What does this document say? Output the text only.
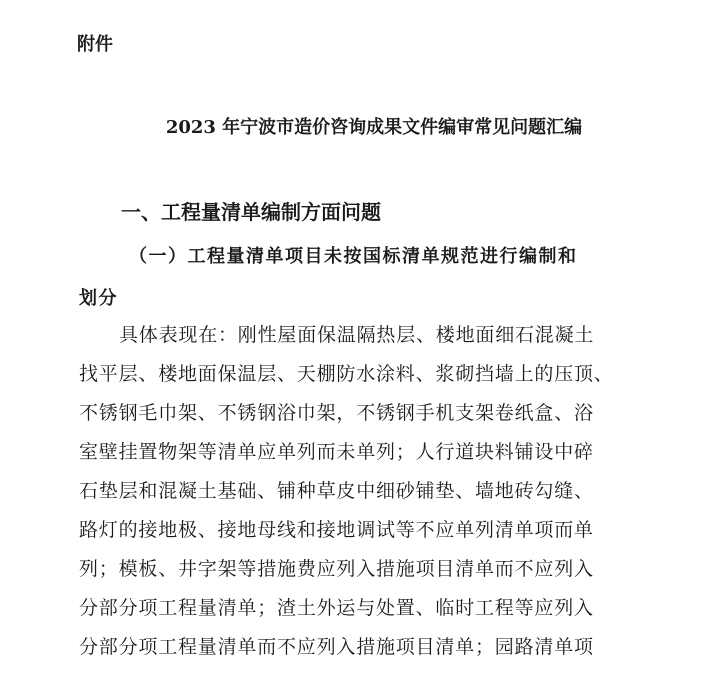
附件

2023 年宁波市造价咨询成果文件编审常见问题汇编
一、工程量清单编制方面问题
（一）工程量清单项目未按国标清单规范进行编制和
划分

具体表现在：刚性屋面保温隔热层、楼地面细石混凝土
找平层、楼地面保温层、天棚防水涂料、浆砌挡墙上的压顶、
不锈钢毛巾架、不锈钢浴巾架，不锈钢手机支架卷纸盒、浴
室壁挂置物架等清单应单列而未单列；人行道块料铺设中碎
石垫层和混凝土基础、铺种草皮中细砂铺垫、墙地砖勾缝、
路灯的接地极、接地母线和接地调试等不应单列清单项而单
列；模板、井字架等措施费应列入措施项目清单而不应列入
分部分项工程量清单；渣土外运与处置、临时工程等应列入
分部分项工程量清单而不应列入措施项目清单；园路清单项
